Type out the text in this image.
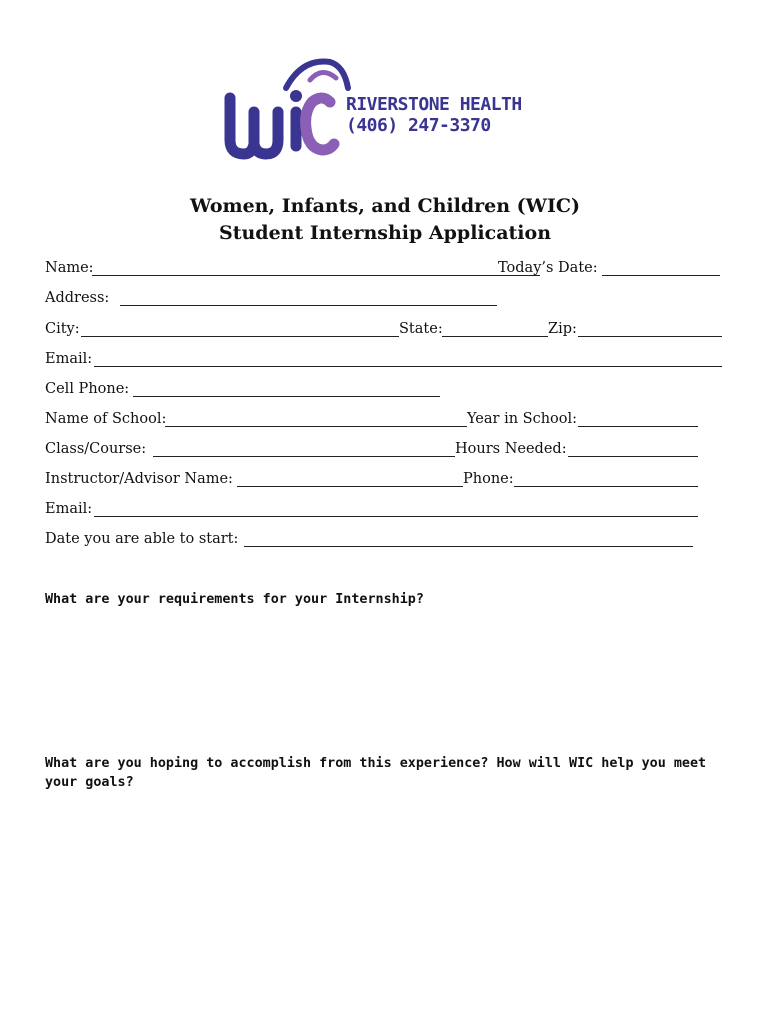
RIVERSTONE HEALTH
(406) 247-3370
Women, Infants, and Children (WIC)
Student Internship Application
Name:	Today’s Date:
Address:
City:	State:	Zip:
Email:
Cell Phone:
Name of School:	Year in School:
Class/Course:	Hours Needed:
Instructor/Advisor Name:	Phone:
Email:
Date you are able to start:
What are your requirements for your Internship?
What are you hoping to accomplish from this experience? How will WIC help you meet
your goals?
